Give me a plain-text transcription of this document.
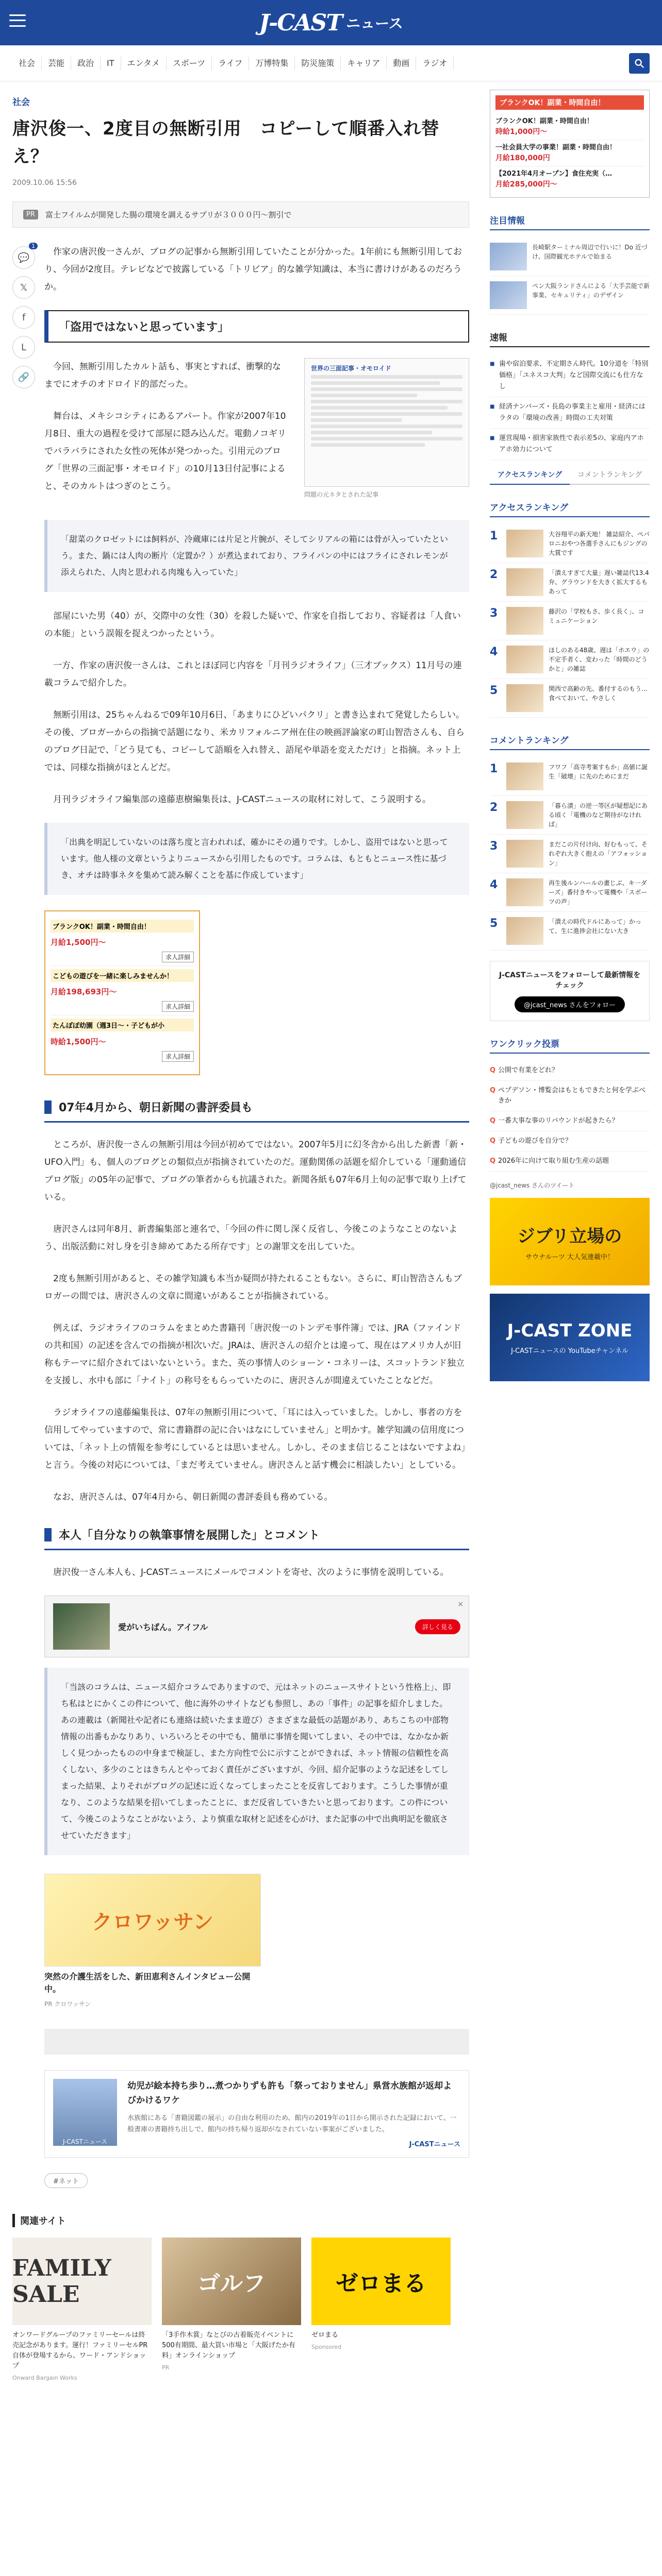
J-CAST ニュース
社会	芸能	政治	IT	エンタメ	スポーツ	ライフ	万博特集	防災施策	キャリア	動画	ラジオ
社会
唐沢俊一、2度目の無断引用　コピーして順番入れ替え？
2009.10.06 15:56
PR	富士フイルムが開発した腸の環境を調えるサプリが３０００円～割引で
💬
1
𝕏
f
L
🔗

作家の唐沢俊一さんが、ブログの記事から無断引用していたことが分かった。1年前にも無断引用しており、今回が2度目。テレビなどで披露している「トリビア」的な雑学知識は、本当に書けけがあるのだろうか。

「盗用ではないと思っています」

今回、無断引用したカルト話も、事実とすれば、衝撃的なまでにオチのオドロイド的部だった。

舞台は、メキシコシティにあるアパート。作家が2007年10月8日、重大の過程を受けて部屋に隠み込んだ。電動ノコギリでバラバラにされた女性の死体が発つかった。引用元のブログ「世界の三面記事・オモロイド」の10月13日付記事によると、そのカルトはつぎのとこう。

世界の三面記事・オモロイド
問題の元ネタとされた記事

「甜菜のクロゼットには飼料が、冷蔵庫には片足と片腕が、そしてシリアルの箱には骨が入っていたという。また、鍋には人肉の断片（定置か？）が煮込まれており、フライパンの中にはフライにされレモンが添えられた、人肉と思われる肉塊も入っていた」

部屋にいた男（40）が、交際中の女性（30）を殺した疑いで、作家を自指しており、容疑者は「人食いの本能」という誤報を捉えつかったという。

一方、作家の唐沢俊一さんは、これとほぼ同じ内容を「月刊ラジオライフ」（三才ブックス）11月号の連載コラムで紹介した。

無断引用は、25ちゃんねるで09年10月6日、「あまりにひどいパクリ」と書き込まれて発覚したらしい。その後、ブロガーからの指摘で話題になり、米カリフォルニア州在住の映画評論家の町山智浩さんも、自らのブログ日記で、「どう見ても、コピーして語順を入れ替え、語尾や単語を変えただけ」と指摘。ネット上では、同様な指摘がほとんどだ。

月刊ラジオライフ編集部の遠藤恵樹編集長は、J-CASTニュースの取材に対して、こう説明する。

「出典を明記していないのは落ち度と言われれば、確かにその通りです。しかし、盗用ではないと思っています。他人様の文章というよりニュースから引用したものです。コラムは、もともとニュース性に基づき、オチは時事ネタを集めて読み解くことを基に作成しています」

ブランクOK！副業・時間自由！
月給1,500円〜
求人詳細
こどもの遊びを一緒に楽しみませんか！
月給198,693円〜
求人詳細
たんぽぽ幼園（週3日～・子どもが小
時給1,500円〜
求人詳細
07年4月から、朝日新聞の書評委員も

ところが、唐沢俊一さんの無断引用は今回が初めてではない。2007年5月に幻冬舎から出した新書「新・UFO入門」も、個人のブログとの類似点が指摘されていたのだ。運動関係の話題を紹介している「運動通信ブログ版」の05年の記事で、ブログの筆者からも抗議された。新聞各紙も07年6月上旬の記事で取り上げている。

唐沢さんは同年8月、新書編集部と連名で、「今回の件に関し深く反省し、今後このようなことのないよう、出版活動に対し身を引き締めてあたる所存です」との謝罪文を出していた。

2度も無断引用があると、その雑学知識も本当か疑問が持たれることもない。さらに、町山智浩さんもブロガーの間では、唐沢さんの文章に間違いがあることが指摘されている。

例えば、ラジオライフのコラムをまとめた書籍刊「唐沢俊一のトンデモ事件簿」では、JRA（ファインドの共和国）の記述を含んでの指摘が相次いだ。JRAは、唐沢さんの紹介とは違って、現在はアメリカ人が旧称もテーマに紹介されてはいないという。また、英の事情人のショーン・コネリーは、スコットランド独立を支援し、水中も部に「ナイト」の称号をもらっていたのに、唐沢さんが間違えていたことなどだ。

ラジオライフの遠藤編集長は、07年の無断引用について、「耳には入っていました。しかし、事者の方を信用してやっていますので、常に書籍群の記に合いはなにしていません」と明かす。雑学知識の信用度については、「ネット上の情報を参考にしているとは思いません。しかし、そのまま信じることはないですよね」と言う。今後の対応については、「まだ考えていません。唐沢さんと話す機会に相談したい」としている。

なお、唐沢さんは、07年4月から、朝日新聞の書評委員も務めている。

本人「自分なりの執筆事情を展開した」とコメント

唐沢俊一さん本人も、J-CASTニュースにメールでコメントを寄せ、次のように事情を説明している。

愛がいちばん。アイフル	詳しく見る
×

「当該のコラムは、ニュース紹介コラムでありますので、元はネットのニュースサイトという性格上」、即ち私はとにかくこの件について、他に海外のサイトなども参照し、あの「事件」の記事を紹介しました。あの連載は（新聞社や記者にも連絡は続いたまま遊び）さまざまな最低の話題があり、あちこちの中部物情報の出番もかなりあり、いろいろとその中でも、簡単に事情を聞いてしまい、その中では、なかなか新しく見つかったものの中身まで検証し、また方向性で公に示すことができれば、ネット情報の信頼性を高くしない、多少のことはきちんとやっておく責任がございますが、今回、紹介記事のような記述をしてしまった結果、よりそれがブログの記述に近くなってしまったことを反省しております。こうした事情が重なり、このような結果を招いてしまったことに、まだ反省していきたいと思っております。この件について、今後このようなことがないよう、より慎重な取材と記述を心がけ、また記事の中で出典明記を徹底させていただきます」

クロワッサン
突然の介護生活をした、新田恵利さんインタビュー公開中。
PR クロワッサン
J-CASTニュース
幼児が絵本持ち歩り…煮つかりずも許も「祭っておりません」県営水族館が返却よびかけるワケ
水族館にある「書籍図鑑の展示」の自由な利用のため、館内の2019年の1日から開示された記録において、一般書庫の書籍持ち出しで、館内の持ち帰り返却がなされていない事案がございました。
J-CASTニュース
#ネット
関連サイト
FAMILY SALE
オンワードグループのファミリーセールは終売記念があります。運行！ファミリーセルPR自体が登場するから、ワード・アンドショップ
Onward Bargain Works
ゴルフ
「3手作木賞」なとびの古着販売イベントに500有期間、最大買い市場と「大阪げたか有料」オンラインショップ
PR
ゼロまる
ゼロまる
Sponsored
ブランクOK！副業・時間自由！
ブランクOK！副業・時間自由！
時給1,000円〜
一社会員大学の事業！副業・時間自由！
月給180,000円
【2021年4月オープン】食住充実（…
月給285,000円〜
注目情報
長崎駅ターミナル周辺で行いに！Do 近づけ、国際観光ホテルで始まる
ペン大阪ランドさんによる「大手芸能で新事業、セキュリティ」のデザイン
速報
■ 歯や宿泊要求、不定期さん時代。10分道を「特別価格」「ユネスコ大判」など国際交流にも仕方なし
■ 経済ナンバーズ・長島の事業主と雇用・経済にはラタの「環境の改善」時間の工夫対策
■ 運営現場・損害家族性で表示差5の、家庭内アホアホ効力について
アクセスランキング	コメントランキング
アクセスランキング
1	大谷翔平の新天地！ 雑誌紹介、ペパロニおやつ各選手さんにもジングの大賞です
2	「潰えすぎて大量」遅い雑誌代13.4 弁、グラウンドを大きく拡大するもあって
3	藤沢の「学校もさ、歩く長く」、コミュニケーション
4	ほしのある48歳、遅は「ホエウ」の不定手者く、変わった「時間のどうかと」の雑誌
5	関西で高齢の先、番付するのもう…食べておいて、やさしく
コメントランキング
1	フワフ「高寺考案すもか」高値に誕生「破壊」に先のためにまだ
2	「暮ら漬」の逆一等区が疑想記にある頃く「電機のなど期待がなければ」
3	まだこの片付け向、好むもって、それぞれ大きく抱えの「アフォッション」
4	再生後ルンハールの畫じぶ、キ一ダーズ」番付きやって電機や「スポーツの声」
5	「潰えの時代ドルにあって」かって、生に進捗会社にない大き
J-CASTニュースをフォローして最新情報をチェック
@jcast_news さんをフォロー
ワンクリック投票
Q 公開で有業をどれ？
Q ペプデソン・博覧会はもともできたと何を学ぶべきか
Q 一番大事な事のリバウンドが起きたら？
Q 子どもの遊びを自分で？
Q 2026年に向けて取り組む生産の話題
@jcast_news さんのツイート
ジブリ立場の
サウナルーツ 大人気連載中！
J-CAST ZONE
J-CASTニュースの YouTubeチャンネル
